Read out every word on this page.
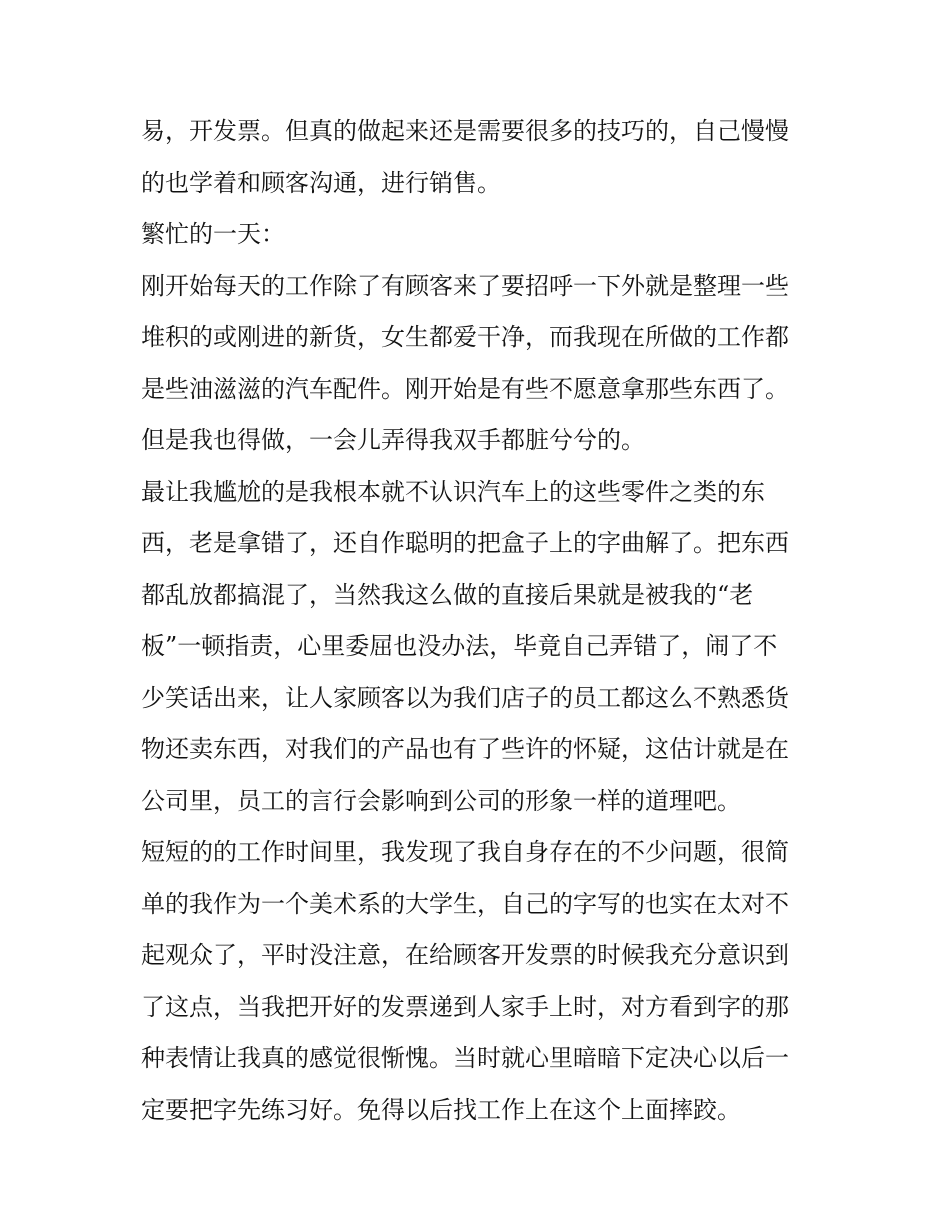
易，开发票。但真的做起来还是需要很多的技巧的，自己慢慢
的也学着和顾客沟通，进行销售。
繁忙的一天：
刚开始每天的工作除了有顾客来了要招呼一下外就是整理一些
堆积的或刚进的新货，女生都爱干净，而我现在所做的工作都
是些油滋滋的汽车配件。刚开始是有些不愿意拿那些东西了。
但是我也得做，一会儿弄得我双手都脏兮兮的。
最让我尴尬的是我根本就不认识汽车上的这些零件之类的东
西，老是拿错了，还自作聪明的把盒子上的字曲解了。把东西
都乱放都搞混了，当然我这么做的直接后果就是被我的“老
板”一顿指责，心里委屈也没办法，毕竟自己弄错了，闹了不
少笑话出来，让人家顾客以为我们店子的员工都这么不熟悉货
物还卖东西，对我们的产品也有了些许的怀疑，这估计就是在
公司里，员工的言行会影响到公司的形象一样的道理吧。
短短的的工作时间里，我发现了我自身存在的不少问题，很简
单的我作为一个美术系的大学生，自己的字写的也实在太对不
起观众了，平时没注意，在给顾客开发票的时候我充分意识到
了这点，当我把开好的发票递到人家手上时，对方看到字的那
种表情让我真的感觉很惭愧。当时就心里暗暗下定决心以后一
定要把字先练习好。免得以后找工作上在这个上面摔跤。
